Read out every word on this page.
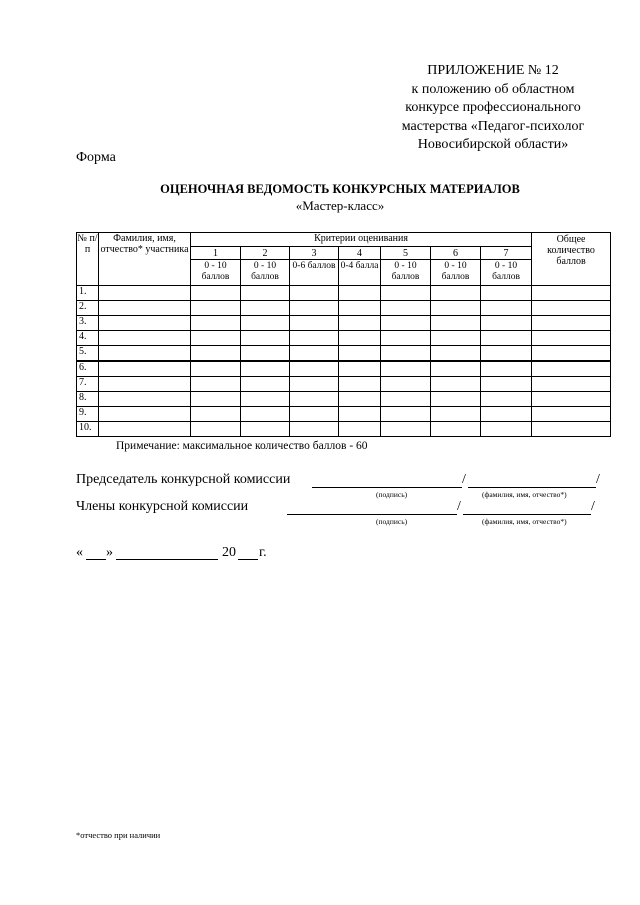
ПРИЛОЖЕНИЕ № 12
к положению об областном
конкурсе профессионального
мастерства «Педагог-психолог
Новосибирской области»
Форма
ОЦЕНОЧНАЯ ВЕДОМОСТЬ КОНКУРСНЫХ МАТЕРИАЛОВ
«Мастер-класс»
№ п/п	Фамилия, имя, отчество* участника	Критерии оценивания							Общее количество баллов
		1	2	3	4	5	6	7	
		0 - 10 баллов	0 - 10 баллов	0-6 баллов	0-4 балла	0 - 10 баллов	0 - 10 баллов	0 - 10 баллов	
1.									
2.									
3.									
4.									
5.									
6.									
7.									
8.									
9.									
10.									
Примечание: максимальное количество баллов - 60
Председатель конкурсной комиссии	/	/
(подпись)	(фамилия, имя, отчество*)
Члены конкурсной комиссии	/	/
(подпись)	(фамилия, имя, отчество*)
« »	20 г.
*отчество при наличии
